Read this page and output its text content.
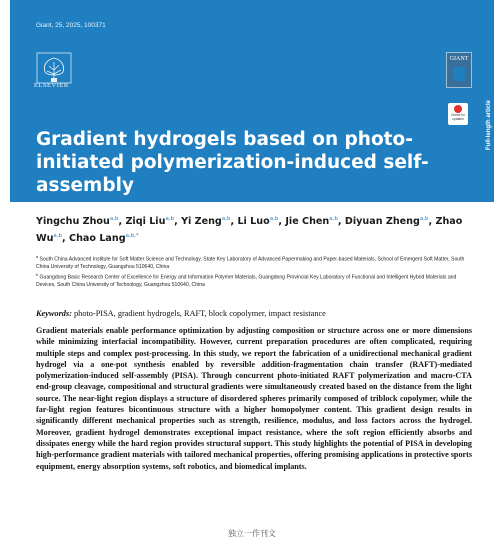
Giant, 25, 2025, 100371
ELSEVIER
GIANT
Check for updates	Full-length article
Gradient hydrogels based on photo-initiated polymerization-induced self-assembly
Yingchu Zhou$^{a,b}$, Ziqi Liu$^{a,b}$, Yi Zeng$^{a,b}$, Li Luo$^{a,b}$, Jie Chen$^{a,b}$, Diyuan Zheng$^{a,b}$, Zhao Wu$^{a,b}$, Chao Lang$^{a,b,*}$
$^a$ South China Advanced Institute for Soft Matter Science and Technology, State Key Laboratory of Advanced Papermaking and Paper-based Materials, School of Emergent Soft Matter, South China University of Technology, Guangzhou 510640, China
$^b$ Guangdong Basic Research Center of Excellence for Energy and Information Polymer Materials, Guangdong Provincial Key Laboratory of Functional and Intelligent Hybrid Materials and Devices, South China University of Technology, Guangzhou 510640, China
Keywords: photo-PISA, gradient hydrogels, RAFT, block copolymer, impact resistance
Gradient materials enable performance optimization by adjusting composition or structure across one or more dimensions while minimizing interfacial incompatibility. However, current preparation procedures are often complicated, requiring multiple steps and complex post-processing. In this study, we report the fabrication of a unidirectional mechanical gradient hydrogel via a one-pot synthesis enabled by reversible addition-fragmentation chain transfer (RAFT)-mediated polymerization-induced self-assembly (PISA). Through concurrent photo-initiated RAFT polymerization and macro-CTA end-group cleavage, compositional and structural gradients were simultaneously created based on the distance from the light source. The near-light region displays a structure of disordered spheres primarily composed of triblock copolymer, while the far-light region features bicontinuous structure with a higher homopolymer content. This gradient design results in significantly different mechanical properties such as strength, resilience, modulus, and loss factors across the hydrogel. Moreover, gradient hydrogel demonstrates exceptional impact resistance, where the soft region efficiently absorbs and dissipates energy while the hard region provides structural support. This study highlights the potential of PISA in developing high-performance gradient materials with tailored mechanical properties, offering promising applications in protective sports equipment, energy absorption systems, soft robotics, and biomedical implants.
独立一作刊文
